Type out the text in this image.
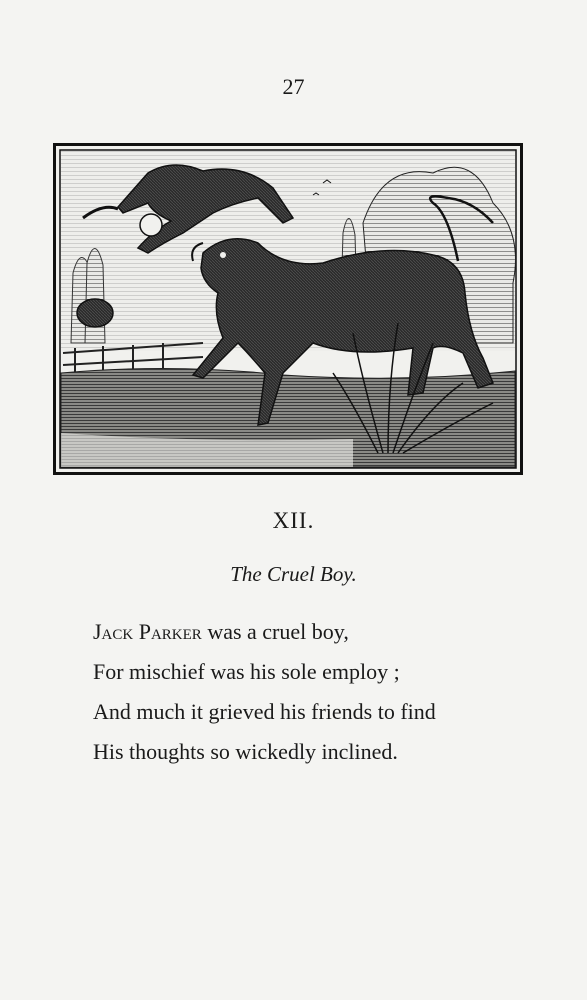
27
XII.
The Cruel Boy.
Jack Parker was a cruel boy,
For mischief was his sole employ ;
And much it grieved his friends to find
His thoughts so wickedly inclined.
